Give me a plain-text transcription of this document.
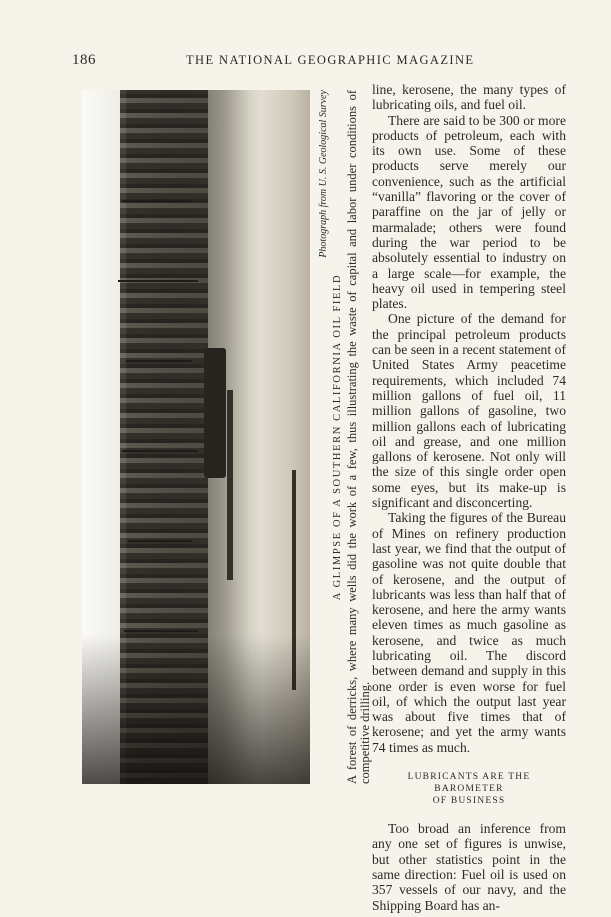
186	THE NATIONAL GEOGRAPHIC MAGAZINE
Photograph from U. S. Geological Survey
A GLIMPSE OF A SOUTHERN CALIFORNIA OIL FIELD A forest of derricks, where many wells did the work of a few, thus illustrating the waste of capital and labor under conditions of competitive drilling.

line, kerosene, the many types of lubricating oils, and fuel oil.

There are said to be 300 or more products of petroleum, each with its own use. Some of these products serve merely our convenience, such as the artificial “vanilla” flavoring or the cover of paraffine on the jar of jelly or marmalade; others were found during the war period to be absolutely essential to industry on a large scale—for example, the heavy oil used in tempering steel plates.

One picture of the demand for the principal petroleum products can be seen in a recent statement of United States Army peacetime requirements, which included 74 million gallons of fuel oil, 11 million gallons of gasoline, two million gallons each of lubricating oil and grease, and one million gallons of kerosene. Not only will the size of this single order open some eyes, but its make-up is significant and disconcerting.

Taking the figures of the Bureau of Mines on refinery production last year, we find that the output of gasoline was not quite double that of kerosene, and the output of lubricants was less than half that of kerosene, and here the army wants eleven times as much gasoline as kerosene, and twice as much lubricating oil. The discord between demand and supply in this one order is even worse for fuel oil, of which the output last year was about five times that of kerosene; and yet the army wants 74 times as much.

LUBRICANTS ARE THE BAROMETER
OF BUSINESS

Too broad an inference from any one set of figures is unwise, but other statistics point in the same direction: Fuel oil is used on 357 vessels of our navy, and the Shipping Board has an-
